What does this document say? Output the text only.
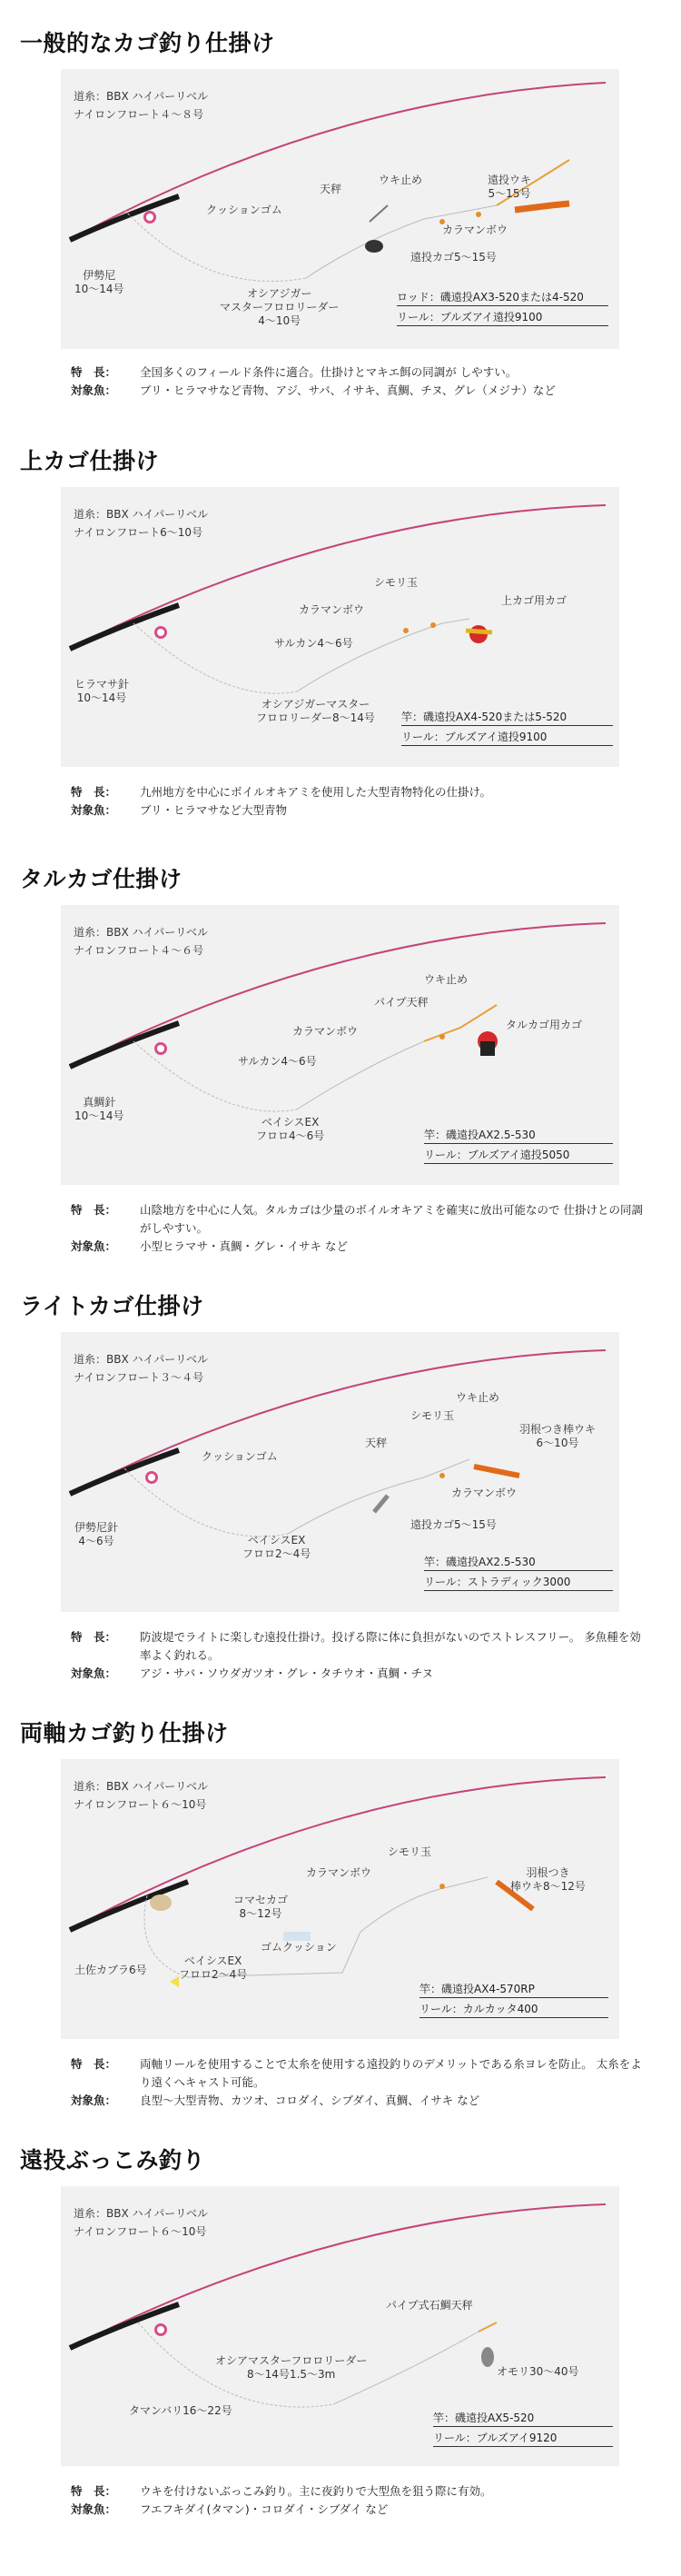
一般的なカゴ釣り仕掛け
道糸：BBX ハイパーリベル
ナイロンフロート４～８号
伊勢尼
10～14号
クッションゴム
天秤
オシアジガー
マスターフロロリーダー
4～10号
ウキ止め	遠投ウキ
5～15号
カラマンボウ
遠投カゴ5～15号
ロッド：磯遠投AX3-520または4-520
リール：ブルズアイ遠投9100
特　長：	全国多くのフィールド条件に適合。仕掛けとマキエ餌の同調が しやすい。
対象魚：	ブリ・ヒラマサなど青物、アジ、サバ、イサキ、真鯛、チヌ、グレ（メジナ）など
上カゴ仕掛け
道糸：BBX ハイパーリベル
ナイロンフロート6～10号
ヒラマサ針
10～14号
サルカン4～6号
カラマンボウ
オシアジガーマスター
フロロリーダー8～14号
シモリ玉
上カゴ用カゴ
竿：磯遠投AX4-520または5-520
リール：ブルズアイ遠投9100
特　長：	九州地方を中心にボイルオキアミを使用した大型青物特化の仕掛け。
対象魚：	ブリ・ヒラマサなど大型青物
タルカゴ仕掛け
道糸：BBX ハイパーリベル
ナイロンフロート４～６号
真鯛針
10～14号
サルカン4～6号
カラマンボウ
ベイシスEX
フロロ4～6号
ウキ止め
パイプ天秤
タルカゴ用カゴ
竿：磯遠投AX2.5-530
リール：ブルズアイ遠投5050
特　長：	山陰地方を中心に人気。タルカゴは少量のボイルオキアミを確実に放出可能なので 仕掛けとの同調がしやすい。
対象魚：	小型ヒラマサ・真鯛・グレ・イサキ など
ライトカゴ仕掛け
道糸：BBX ハイパーリベル
ナイロンフロート３～４号
伊勢尼針
4～6号
クッションゴム
天秤
ベイシスEX
フロロ2～4号
ウキ止め
シモリ玉
羽根つき棒ウキ
6～10号
カラマンボウ
遠投カゴ5～15号
竿：磯遠投AX2.5-530
リール：ストラディック3000
特　長：	防波堤でライトに楽しむ遠投仕掛け。投げる際に体に負担がないのでストレスフリー。 多魚種を効率よく釣れる。
対象魚：	アジ・サバ・ソウダガツオ・グレ・タチウオ・真鯛・チヌ
両軸カゴ釣り仕掛け
道糸：BBX ハイパーリベル
ナイロンフロート６～10号
土佐カブラ6号
ベイシスEX
フロロ2～4号
コマセカゴ
8～12号
ゴムクッション
カラマンボウ
シモリ玉
羽根つき
棒ウキ8～12号
竿：磯遠投AX4-570RP
リール：カルカッタ400
特　長：	両軸リールを使用することで太糸を使用する遠投釣りのデメリットである糸ヨレを防止。 太糸をより遠くへキャスト可能。
対象魚：	良型～大型青物、カツオ、コロダイ、シブダイ、真鯛、イサキ など
遠投ぶっこみ釣り
道糸：BBX ハイパーリベル
ナイロンフロート６～10号
タマンバリ16～22号
オシアマスターフロロリーダー
8～14号1.5～3m
パイプ式石鯛天秤
オモリ30～40号
竿：磯遠投AX5-520
リール：ブルズアイ9120
特　長：	ウキを付けないぶっこみ釣り。主に夜釣りで大型魚を狙う際に有効。
対象魚：	フエフキダイ(タマン)・コロダイ・シブダイ など
